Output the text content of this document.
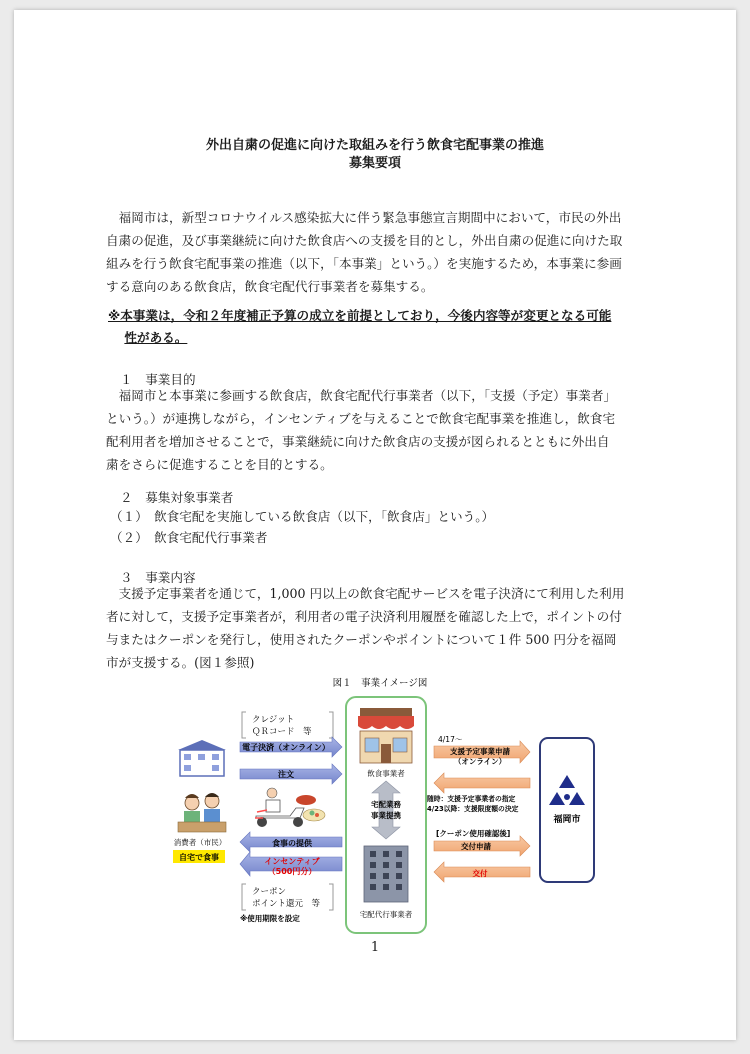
外出自粛の促進に向けた取組みを行う飲食宅配事業の推進
募集要項
福岡市は，新型コロナウイルス感染拡大に伴う緊急事態宣言期間中において，市民の外出
自粛の促進，及び事業継続に向けた飲食店への支援を目的とし，外出自粛の促進に向けた取
組みを行う飲食宅配事業の推進（以下，「本事業」という。）を実施するため，本事業に参画
する意向のある飲食店，飲食宅配代行事業者を募集する。
※本事業は，令和２年度補正予算の成立を前提としており，今後内容等が変更となる可能
性がある。
１　事業目的
福岡市と本事業に参画する飲食店，飲食宅配代行事業者（以下，「支援（予定）事業者」
という。）が連携しながら，インセンティブを与えることで飲食宅配事業を推進し，飲食宅
配利用者を増加させることで，事業継続に向けた飲食店の支援が図られるとともに外出自
粛をさらに促進することを目的とする。
２　募集対象事業者
（１）　飲食宅配を実施している飲食店（以下，「飲食店」という。）
（２）　飲食宅配代行事業者
３　事業内容
支援予定事業者を通じて，1,000 円以上の飲食宅配サービスを電子決済にて利用した利用
者に対して，支援予定事業者が，利用者の電子決済利用履歴を確認した上で，ポイントの付
与またはクーポンを発行し，使用されたクーポンやポイントについて１件 500 円分を福岡
市が支援する。(図１参照)
図１　事業イメージ図
クレジット
ＱＲコード　等
電子決済（オンライン）
注文
消費者（市民）
自宅で食事
食事の提供
インセンティブ
（500円分）
クーポン
ポイント還元　等
※使用期限を設定
飲食事業者
宅配業務
事業提携
宅配代行事業者
4/17～
支援予定事業申請
（オンライン）
随時：支援予定事業者の指定
4/23以降：支援限度額の決定
[クーポン使用確認後]
交付申請
交付
福岡市
1
